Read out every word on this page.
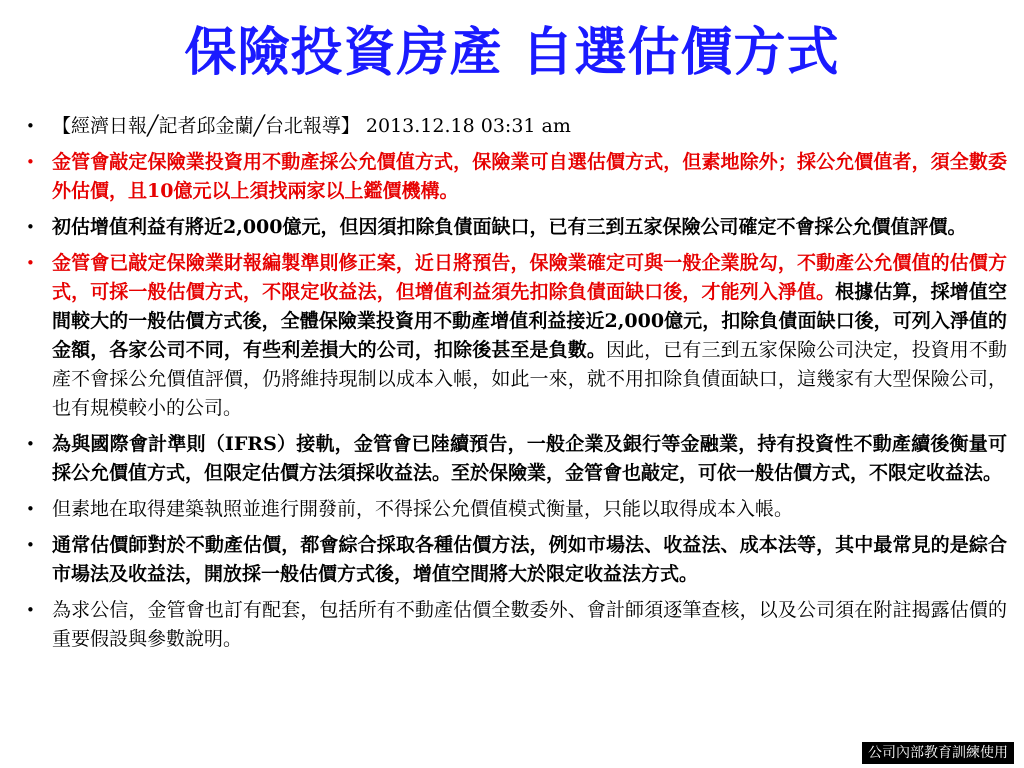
保險投資房產 自選估價方式
• 【經濟日報╱記者邱金蘭╱台北報導】 2013.12.18 03:31 am
• 金管會敲定保險業投資用不動產採公允價值方式，保險業可自選估價方式，但素地除外；採公允價值者，須全數委外估價，且10億元以上須找兩家以上鑑價機構。
• 初估增值利益有將近2,000億元，但因須扣除負債面缺口，已有三到五家保險公司確定不會採公允價值評價。
• 金管會已敲定保險業財報編製準則修正案，近日將預告，保險業確定可與一般企業脫勾，不動產公允價值的估價方式，可採一般估價方式，不限定收益法，但增值利益須先扣除負債面缺口後，才能列入淨值。根據估算，採增值空間較大的一般估價方式後，全體保險業投資用不動產增值利益接近2,000億元，扣除負債面缺口後，可列入淨值的金額，各家公司不同，有些利差損大的公司，扣除後甚至是負數。因此，已有三到五家保險公司決定，投資用不動產不會採公允價值評價，仍將維持現制以成本入帳，如此一來，就不用扣除負債面缺口，這幾家有大型保險公司，也有規模較小的公司。
• 為與國際會計準則（IFRS）接軌，金管會已陸續預告，一般企業及銀行等金融業，持有投資性不動產續後衡量可採公允價值方式，但限定估價方法須採收益法。至於保險業，金管會也敲定，可依一般估價方式，不限定收益法。
• 但素地在取得建築執照並進行開發前，不得採公允價值模式衡量，只能以取得成本入帳。
• 通常估價師對於不動產估價，都會綜合採取各種估價方法，例如市場法、收益法、成本法等，其中最常見的是綜合市場法及收益法，開放採一般估價方式後，增值空間將大於限定收益法方式。
• 為求公信，金管會也訂有配套，包括所有不動產估價全數委外、會計師須逐筆查核，以及公司須在附註揭露估價的重要假設與參數說明。
公司內部教育訓練使用
